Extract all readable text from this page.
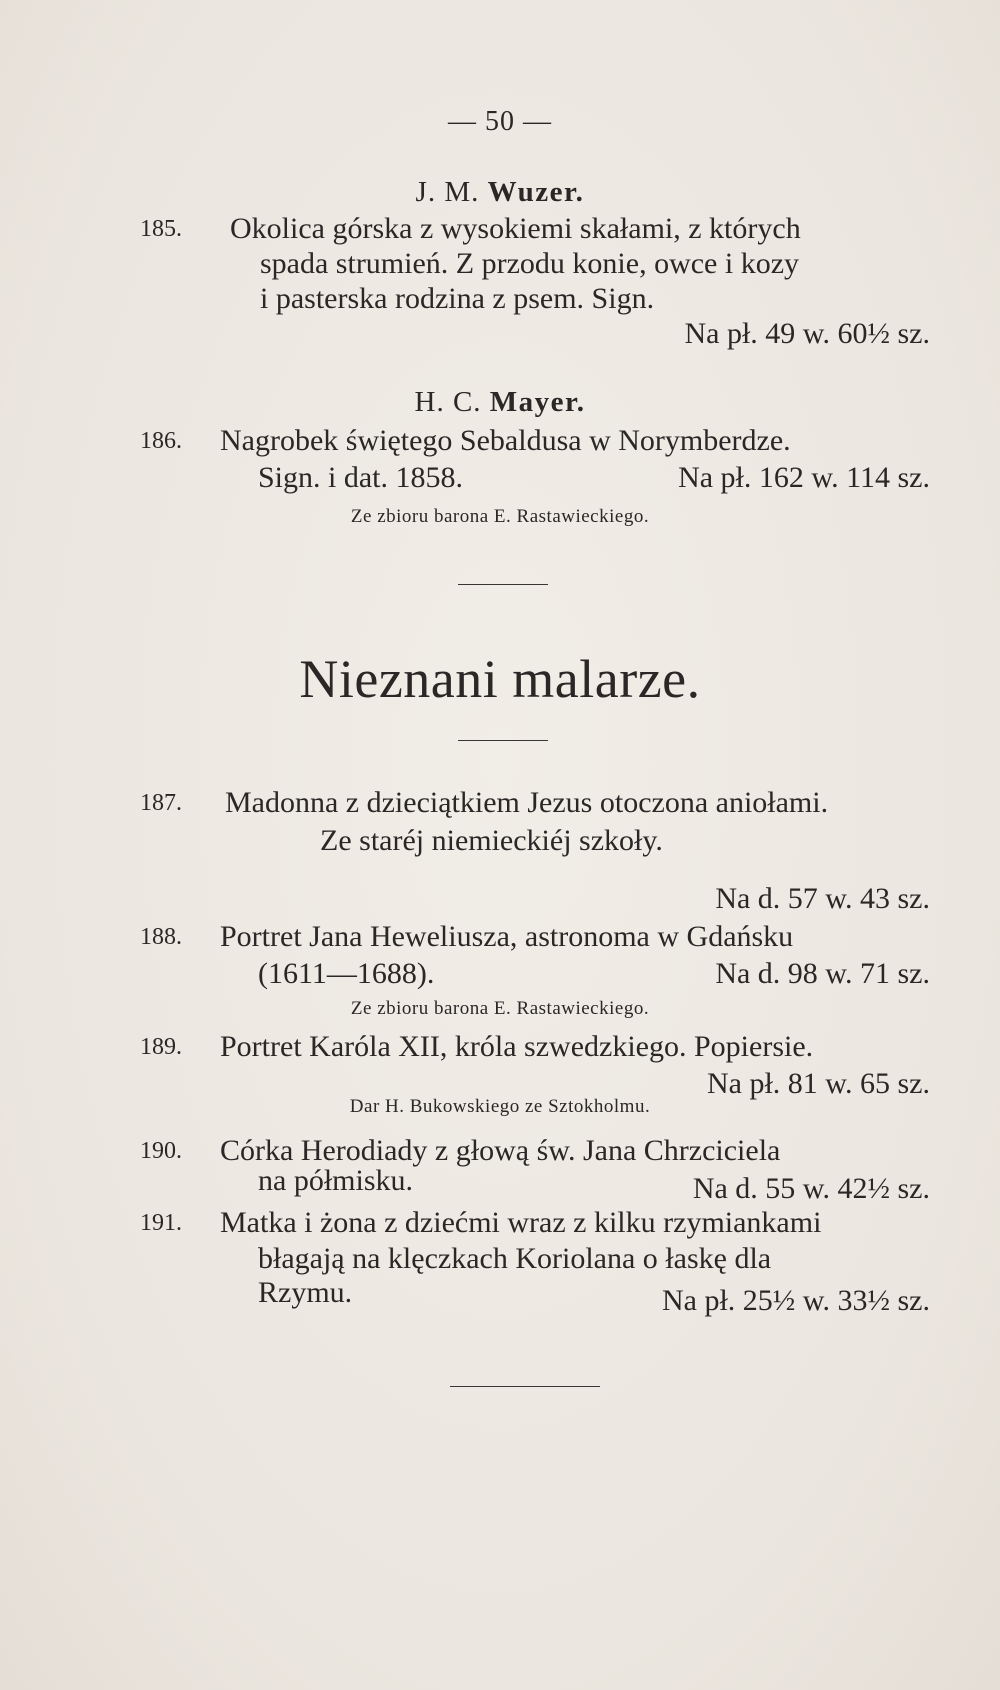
— 50 —
J. M. Wuzer.
185. Okolica górska z wysokiemi skałami, z których
spada strumień. Z przodu konie, owce i kozy
i pasterska rodzina z psem. Sign.
Na pł. 49 w. 60½ sz.
H. C. Mayer.
186. Nagrobek świętego Sebaldusa w Norymberdze.
Sign. i dat. 1858.	Na pł. 162 w. 114 sz.
Ze zbioru barona E. Rastawieckiego.
Nieznani malarze.
187. Madonna z dzieciątkiem Jezus otoczona aniołami.
Ze staréj niemieckiéj szkoły.
Na d. 57 w. 43 sz.
188. Portret Jana Heweliusza, astronoma w Gdańsku
(1611—1688).	Na d. 98 w. 71 sz.
Ze zbioru barona E. Rastawieckiego.
189. Portret Karóla XII, króla szwedzkiego. Popiersie.
Na pł. 81 w. 65 sz.
Dar H. Bukowskiego ze Sztokholmu.
190. Córka Herodiady z głową św. Jana Chrzciciela
na półmisku.	Na d. 55 w. 42½ sz.
191. Matka i żona z dziećmi wraz z kilku rzymiankami
błagają na klęczkach Koriolana o łaskę dla
Rzymu.	Na pł. 25½ w. 33½ sz.
